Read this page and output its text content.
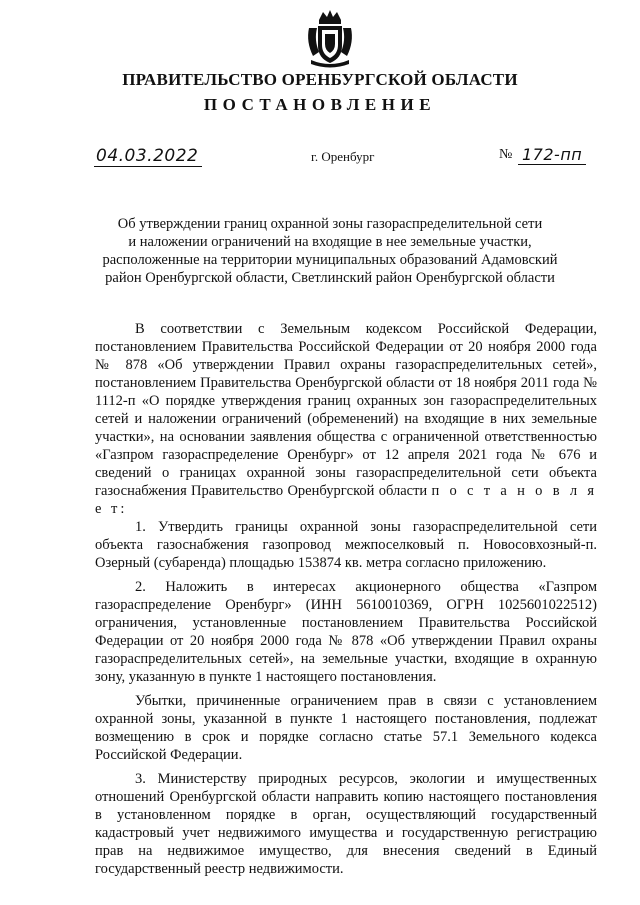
ПРАВИТЕЛЬСТВО ОРЕНБУРГСКОЙ ОБЛАСТИ
ПОСТАНОВЛЕНИЕ
04.03.2022	г. Оренбург	№ 172-пп
Об утверждении границ охранной зоны газораспределительной сети
и наложении ограничений на входящие в нее земельные участки,
расположенные на территории муниципальных образований Адамовский
район Оренбургской области, Светлинский район Оренбургской области

В соответствии с Земельным кодексом Российской Федерации, постановлением Правительства Российской Федерации от 20 ноября 2000 года № 878 «Об утверждении Правил охраны газораспределительных сетей», постановлением Правительства Оренбургской области от 18 ноября 2011 года № 1112-п «О порядке утверждения границ охранных зон газораспределительных сетей и наложении ограничений (обременений) на входящие в них земельные участки», на основании заявления общества с ограниченной ответственностью «Газпром газораспределение Оренбург» от 12 апреля 2021 года № 676 и сведений о границах охранной зоны газораспределительной сети объекта газоснабжения Правительство Оренбургской области п о с т а н о в л я е т:

1. Утвердить границы охранной зоны газораспределительной сети объекта газоснабжения газопровод межпоселковый п. Новосовхозный-п. Озерный (субаренда) площадью 153874 кв. метра согласно приложению.

2. Наложить в интересах акционерного общества «Газпром газораспределение Оренбург» (ИНН 5610010369, ОГРН 1025601022512) ограничения, установленные постановлением Правительства Российской Федерации от 20 ноября 2000 года № 878 «Об утверждении Правил охраны газораспределительных сетей», на земельные участки, входящие в охранную зону, указанную в пункте 1 настоящего постановления.

Убытки, причиненные ограничением прав в связи с установлением охранной зоны, указанной в пункте 1 настоящего постановления, подлежат возмещению в срок и порядке согласно статье 57.1 Земельного кодекса Российской Федерации.

3. Министерству природных ресурсов, экологии и имущественных отношений Оренбургской области направить копию настоящего постановления в установленном порядке в орган, осуществляющий государственный кадастровый учет недвижимого имущества и государственную регистрацию прав на недвижимое имущество, для внесения сведений в Единый государственный реестр недвижимости.
